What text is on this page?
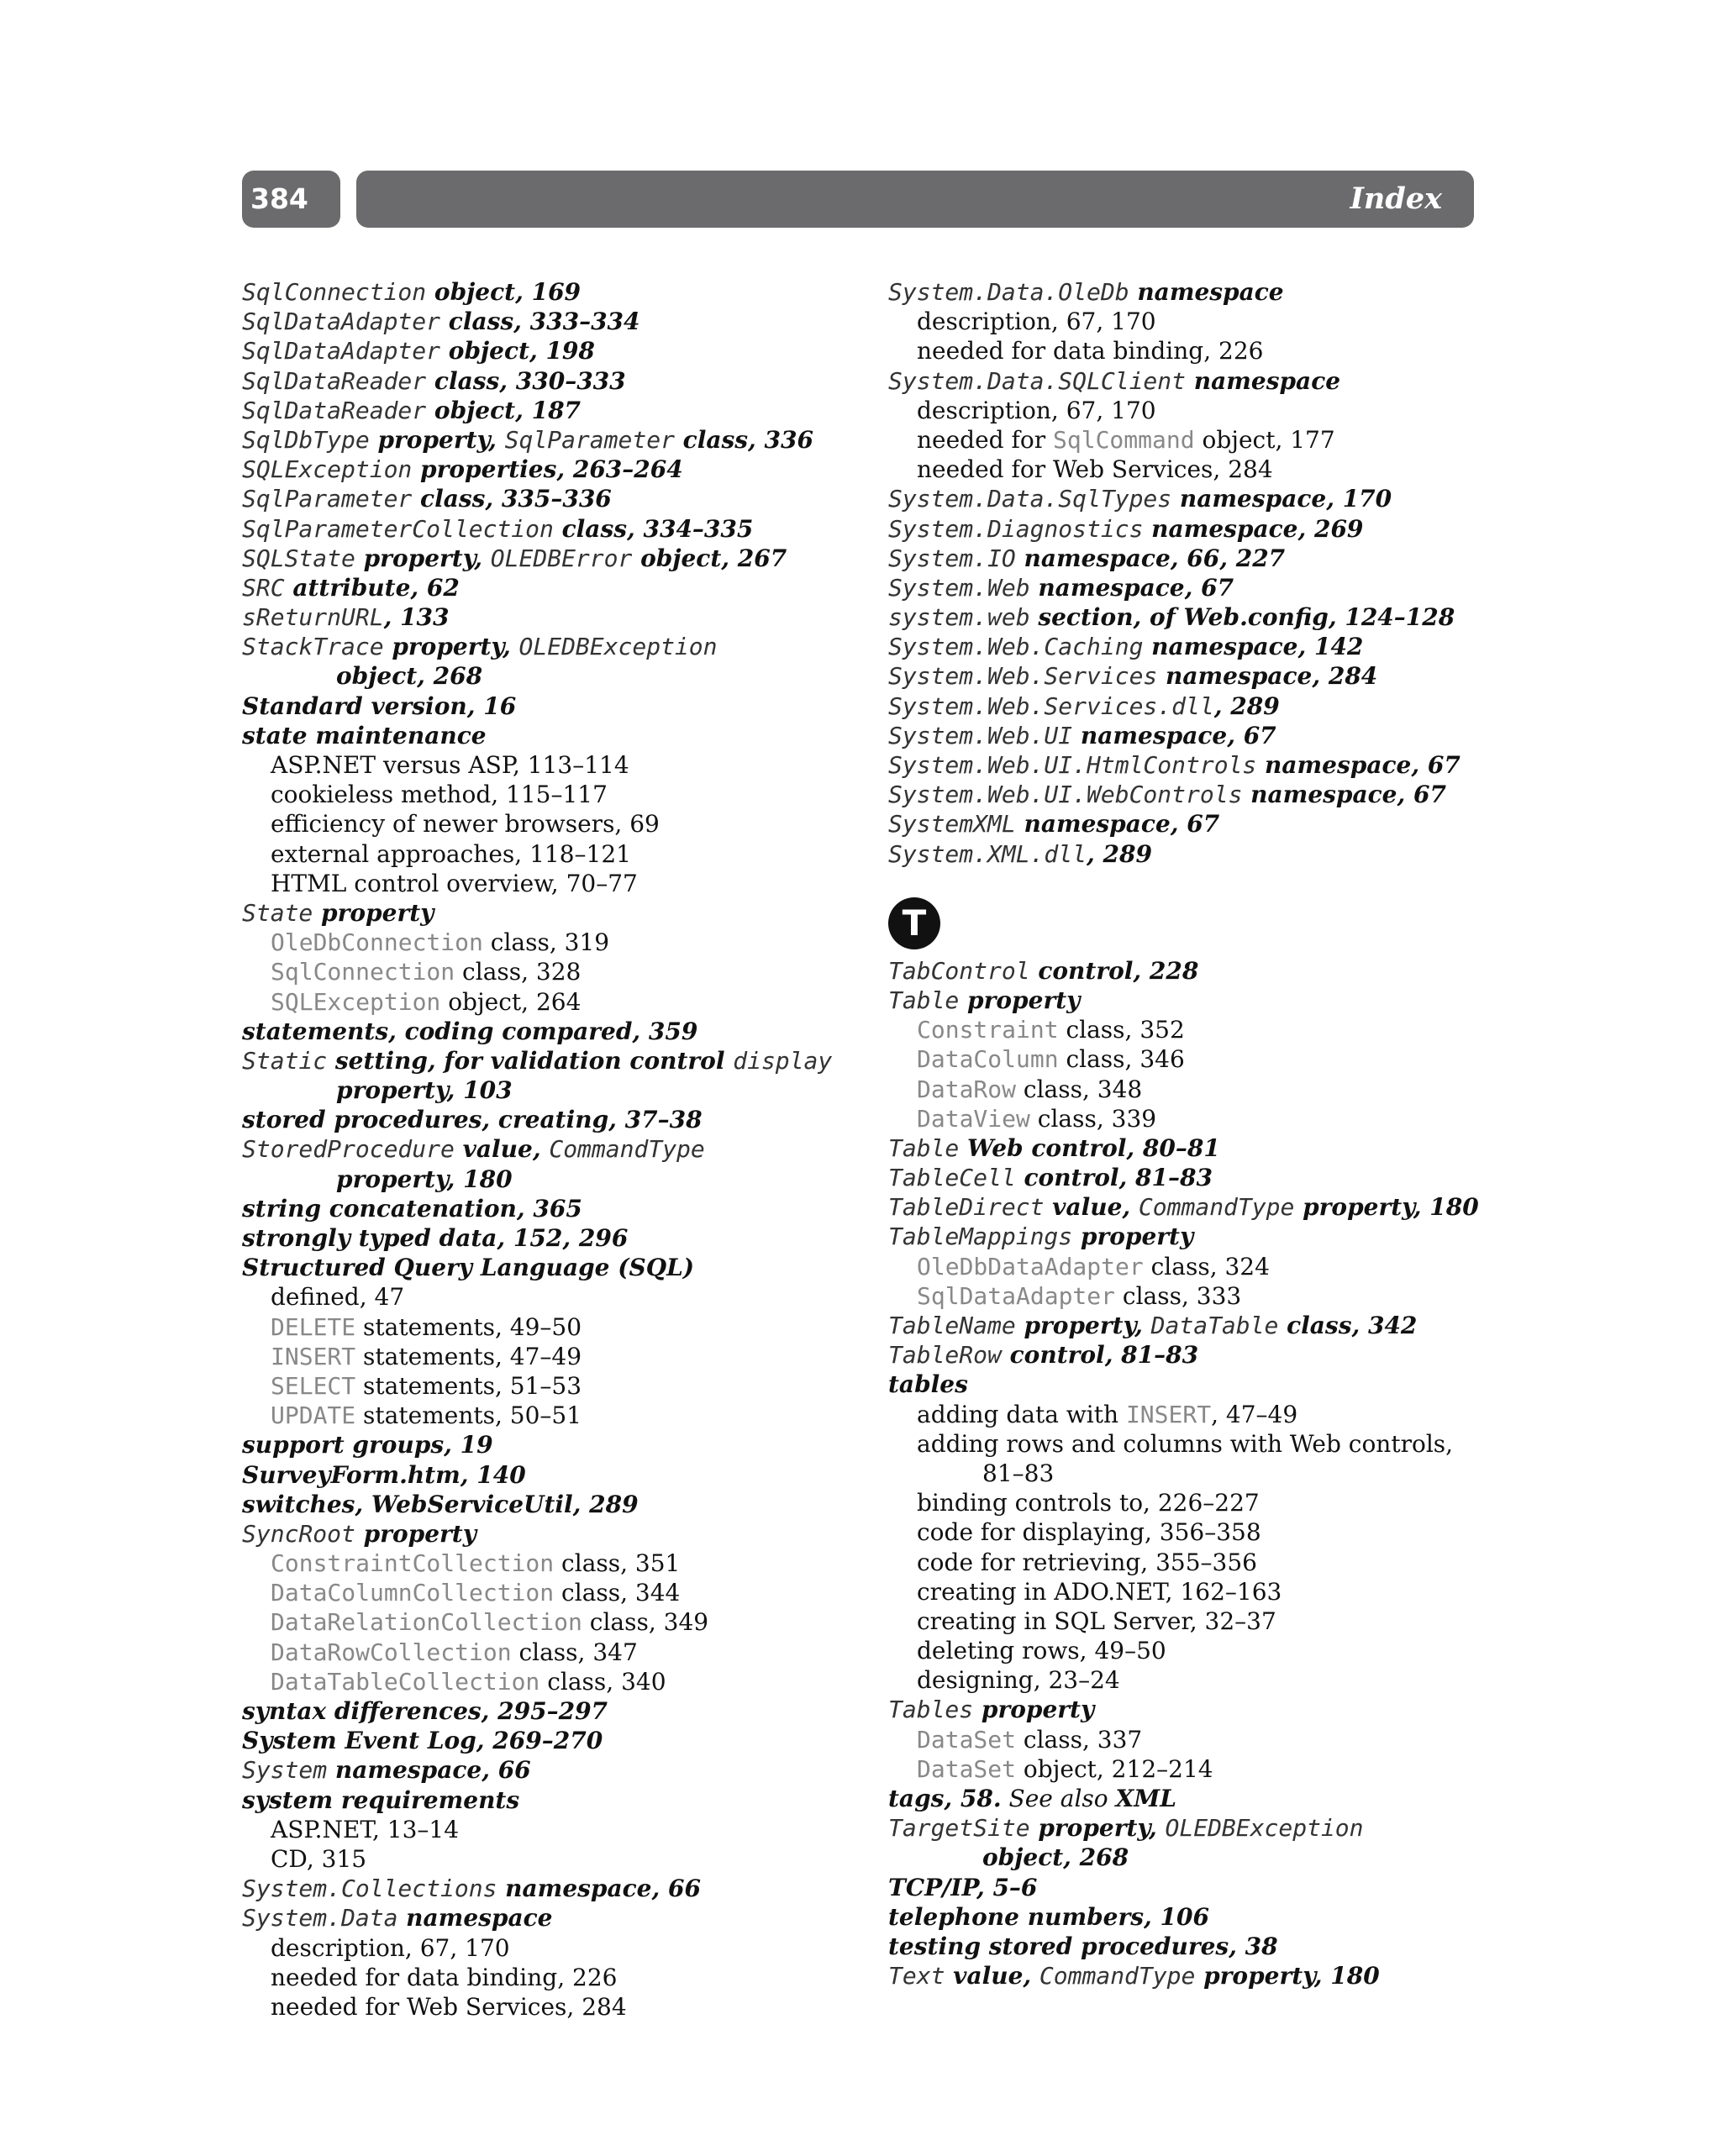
384	Index
SqlConnection object, 169
SqlDataAdapter class, 333–334
SqlDataAdapter object, 198
SqlDataReader class, 330–333
SqlDataReader object, 187
SqlDbType property, SqlParameter class, 336
SQLException properties, 263–264
SqlParameter class, 335–336
SqlParameterCollection class, 334–335
SQLState property, OLEDBError object, 267
SRC attribute, 62
sReturnURL, 133
StackTrace property, OLEDBException
object, 268
Standard version, 16
state maintenance
ASP.NET versus ASP, 113–114
cookieless method, 115–117
efficiency of newer browsers, 69
external approaches, 118–121
HTML control overview, 70–77
State property
OleDbConnection class, 319
SqlConnection class, 328
SQLException object, 264
statements, coding compared, 359
Static setting, for validation control display
property, 103
stored procedures, creating, 37–38
StoredProcedure value, CommandType
property, 180
string concatenation, 365
strongly typed data, 152, 296
Structured Query Language (SQL)
defined, 47
DELETE statements, 49–50
INSERT statements, 47–49
SELECT statements, 51–53
UPDATE statements, 50–51
support groups, 19
SurveyForm.htm, 140
switches, WebServiceUtil, 289
SyncRoot property
ConstraintCollection class, 351
DataColumnCollection class, 344
DataRelationCollection class, 349
DataRowCollection class, 347
DataTableCollection class, 340
syntax differences, 295–297
System Event Log, 269–270
System namespace, 66
system requirements
ASP.NET, 13–14
CD, 315
System.Collections namespace, 66
System.Data namespace
description, 67, 170
needed for data binding, 226
needed for Web Services, 284
System.Data.OleDb namespace
description, 67, 170
needed for data binding, 226
System.Data.SQLClient namespace
description, 67, 170
needed for SqlCommand object, 177
needed for Web Services, 284
System.Data.SqlTypes namespace, 170
System.Diagnostics namespace, 269
System.IO namespace, 66, 227
System.Web namespace, 67
system.web section, of Web.config, 124–128
System.Web.Caching namespace, 142
System.Web.Services namespace, 284
System.Web.Services.dll, 289
System.Web.UI namespace, 67
System.Web.UI.HtmlControls namespace, 67
System.Web.UI.WebControls namespace, 67
SystemXML namespace, 67
System.XML.dll, 289
T
TabControl control, 228
Table property
Constraint class, 352
DataColumn class, 346
DataRow class, 348
DataView class, 339
Table Web control, 80–81
TableCell control, 81–83
TableDirect value, CommandType property, 180
TableMappings property
OleDbDataAdapter class, 324
SqlDataAdapter class, 333
TableName property, DataTable class, 342
TableRow control, 81–83
tables
adding data with INSERT, 47–49
adding rows and columns with Web controls,
81–83
binding controls to, 226–227
code for displaying, 356–358
code for retrieving, 355–356
creating in ADO.NET, 162–163
creating in SQL Server, 32–37
deleting rows, 49–50
designing, 23–24
Tables property
DataSet class, 337
DataSet object, 212–214
tags, 58. See also XML
TargetSite property, OLEDBException
object, 268
TCP/IP, 5–6
telephone numbers, 106
testing stored procedures, 38
Text value, CommandType property, 180
